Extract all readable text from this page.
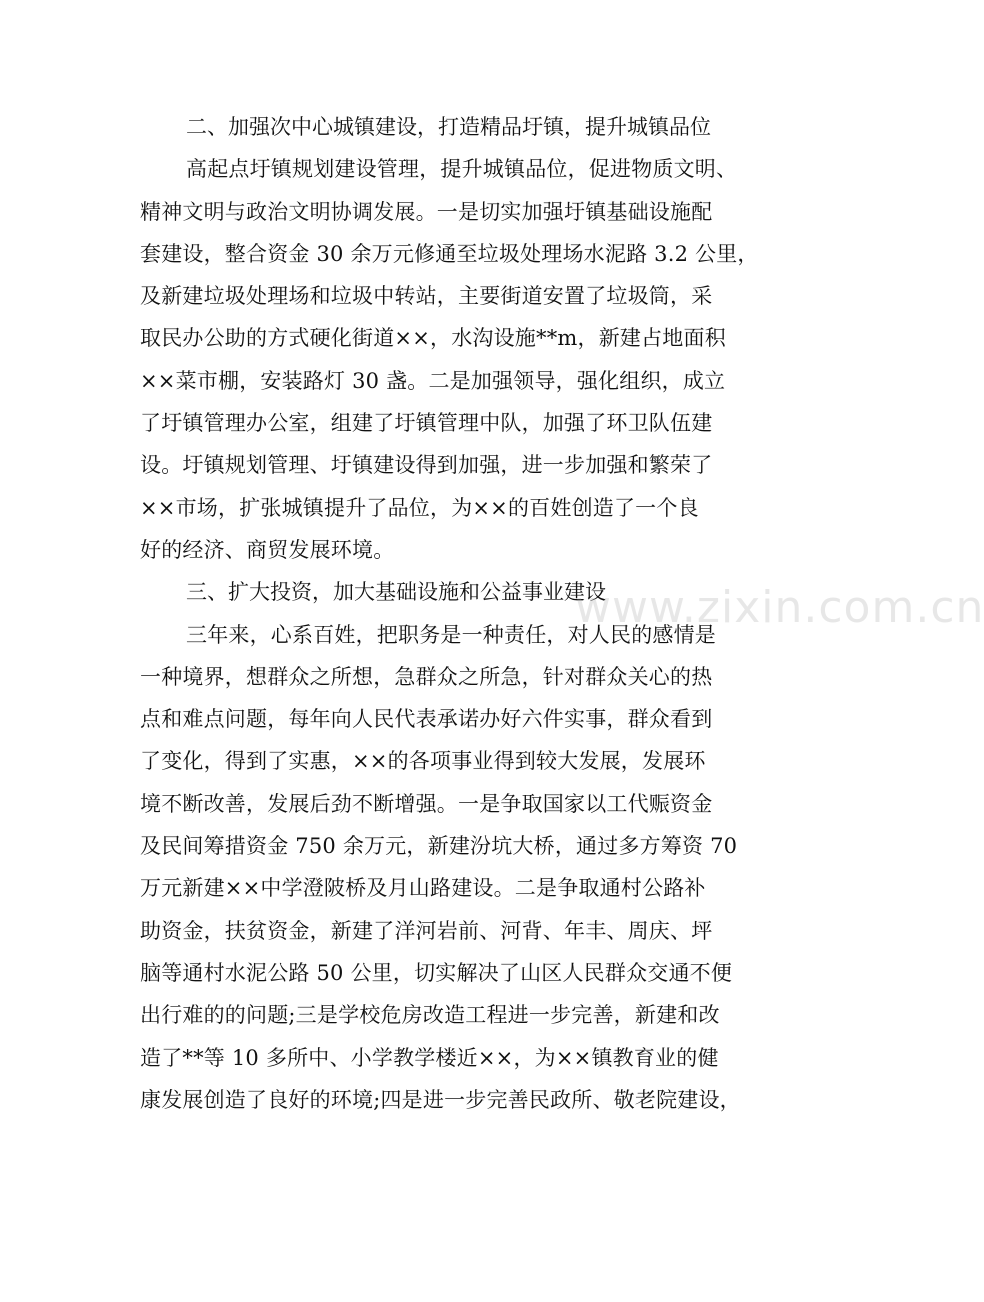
二、加强次中心城镇建设，打造精品圩镇，提升城镇品位
高起点圩镇规划建设管理，提升城镇品位，促进物质文明、
精神文明与政治文明协调发展。一是切实加强圩镇基础设施配
套建设，整合资金 30 余万元修通至垃圾处理场水泥路 3.2 公里，
及新建垃圾处理场和垃圾中转站，主要街道安置了垃圾筒，采
取民办公助的方式硬化街道××，水沟设施**m，新建占地面积
××菜市棚，安装路灯 30 盏。二是加强领导，强化组织，成立
了圩镇管理办公室，组建了圩镇管理中队，加强了环卫队伍建
设。圩镇规划管理、圩镇建设得到加强，进一步加强和繁荣了
××市场，扩张城镇提升了品位，为××的百姓创造了一个良
好的经济、商贸发展环境。
三、扩大投资，加大基础设施和公益事业建设
三年来，心系百姓，把职务是一种责任，对人民的感情是
一种境界，想群众之所想，急群众之所急，针对群众关心的热
点和难点问题，每年向人民代表承诺办好六件实事，群众看到
了变化，得到了实惠，××的各项事业得到较大发展，发展环
境不断改善，发展后劲不断增强。一是争取国家以工代赈资金
及民间筹措资金 750 余万元，新建汾坑大桥，通过多方筹资 70
万元新建××中学澄陂桥及月山路建设。二是争取通村公路补
助资金，扶贫资金，新建了洋河岩前、河背、年丰、周庆、坪
脑等通村水泥公路 50 公里，切实解决了山区人民群众交通不便
出行难的的问题;三是学校危房改造工程进一步完善，新建和改
造了**等 10 多所中、小学教学楼近××，为××镇教育业的健
康发展创造了良好的环境;四是进一步完善民政所、敬老院建设，
www.zixin.com.cn
